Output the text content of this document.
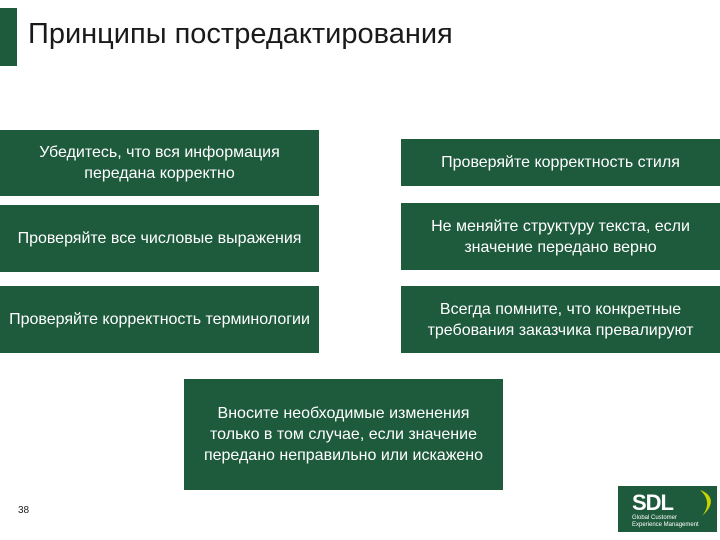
Принципы постредактирования
Убедитесь, что вся информация передана корректно
Проверяйте корректность стиля
Проверяйте все числовые выражения
Не меняйте структуру текста, если значение передано верно
Проверяйте корректность терминологии
Всегда помните, что конкретные требования заказчика превалируют
Вносите необходимые изменения только в том случае, если значение передано неправильно или искажено
38	SDL
Global Customer
Experience Management
